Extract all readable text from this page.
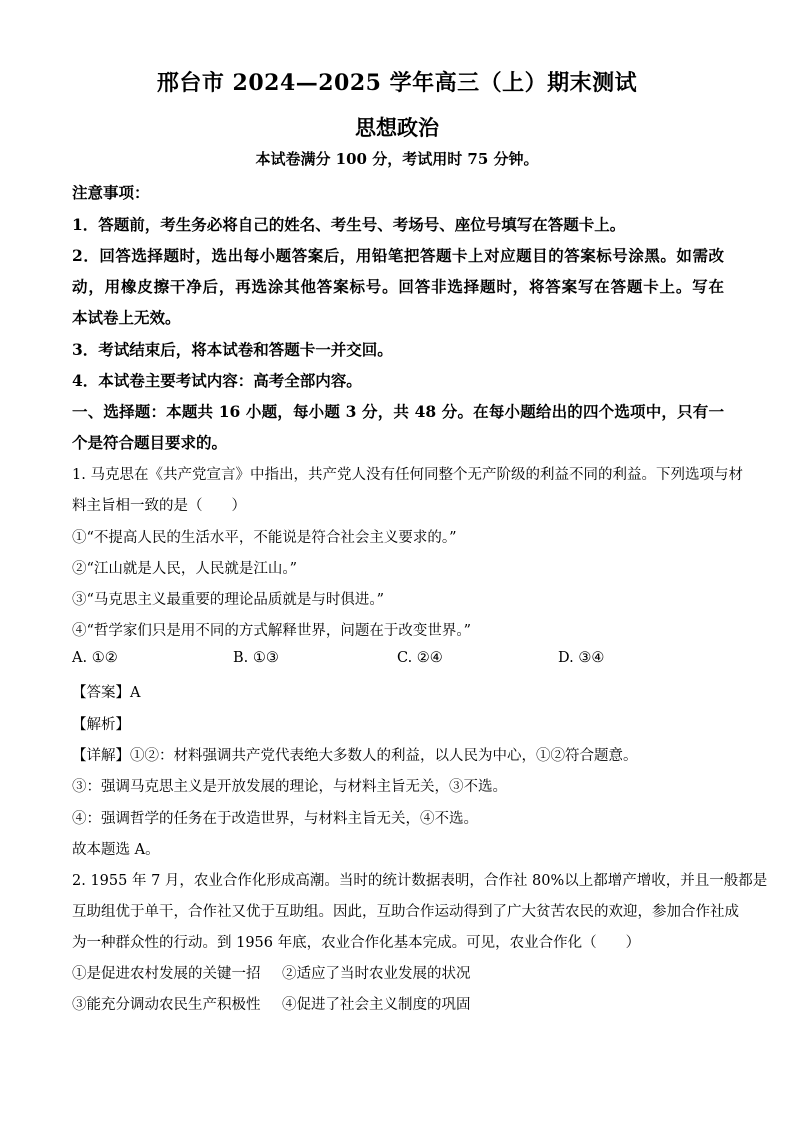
邢台市 2024—2025 学年高三（上）期末测试
思想政治
本试卷满分 100 分，考试用时 75 分钟。
注意事项：
1．答题前，考生务必将自己的姓名、考生号、考场号、座位号填写在答题卡上。
2．回答选择题时，选出每小题答案后，用铅笔把答题卡上对应题目的答案标号涂黑。如需改
动，用橡皮擦干净后，再选涂其他答案标号。回答非选择题时，将答案写在答题卡上。写在
本试卷上无效。
3．考试结束后，将本试卷和答题卡一并交回。
4．本试卷主要考试内容：高考全部内容。
一、选择题：本题共 16 小题，每小题 3 分，共 48 分。在每小题给出的四个选项中，只有一
个是符合题目要求的。
1. 马克思在《共产党宣言》中指出，共产党人没有任何同整个无产阶级的利益不同的利益。下列选项与材
料主旨相一致的是（　　）
①“不提高人民的生活水平，不能说是符合社会主义要求的。”
②“江山就是人民，人民就是江山。”
③“马克思主义最重要的理论品质就是与时俱进。”
④“哲学家们只是用不同的方式解释世界，问题在于改变世界。”
A. ①②	B. ①③	C. ②④	D. ③④
【答案】A
【解析】
【详解】①②：材料强调共产党代表绝大多数人的利益，以人民为中心，①②符合题意。
③：强调马克思主义是开放发展的理论，与材料主旨无关，③不选。
④：强调哲学的任务在于改造世界，与材料主旨无关，④不选。
故本题选 A。
2. 1955 年 7 月，农业合作化形成高潮。当时的统计数据表明，合作社 80%以上都增产增收，并且一般都是
互助组优于单干，合作社又优于互助组。因此，互助合作运动得到了广大贫苦农民的欢迎，参加合作社成
为一种群众性的行动。到 1956 年底，农业合作化基本完成。可见，农业合作化（　　）
①是促进农村发展的关键一招 ②适应了当时农业发展的状况
③能充分调动农民生产积极性 ④促进了社会主义制度的巩固
